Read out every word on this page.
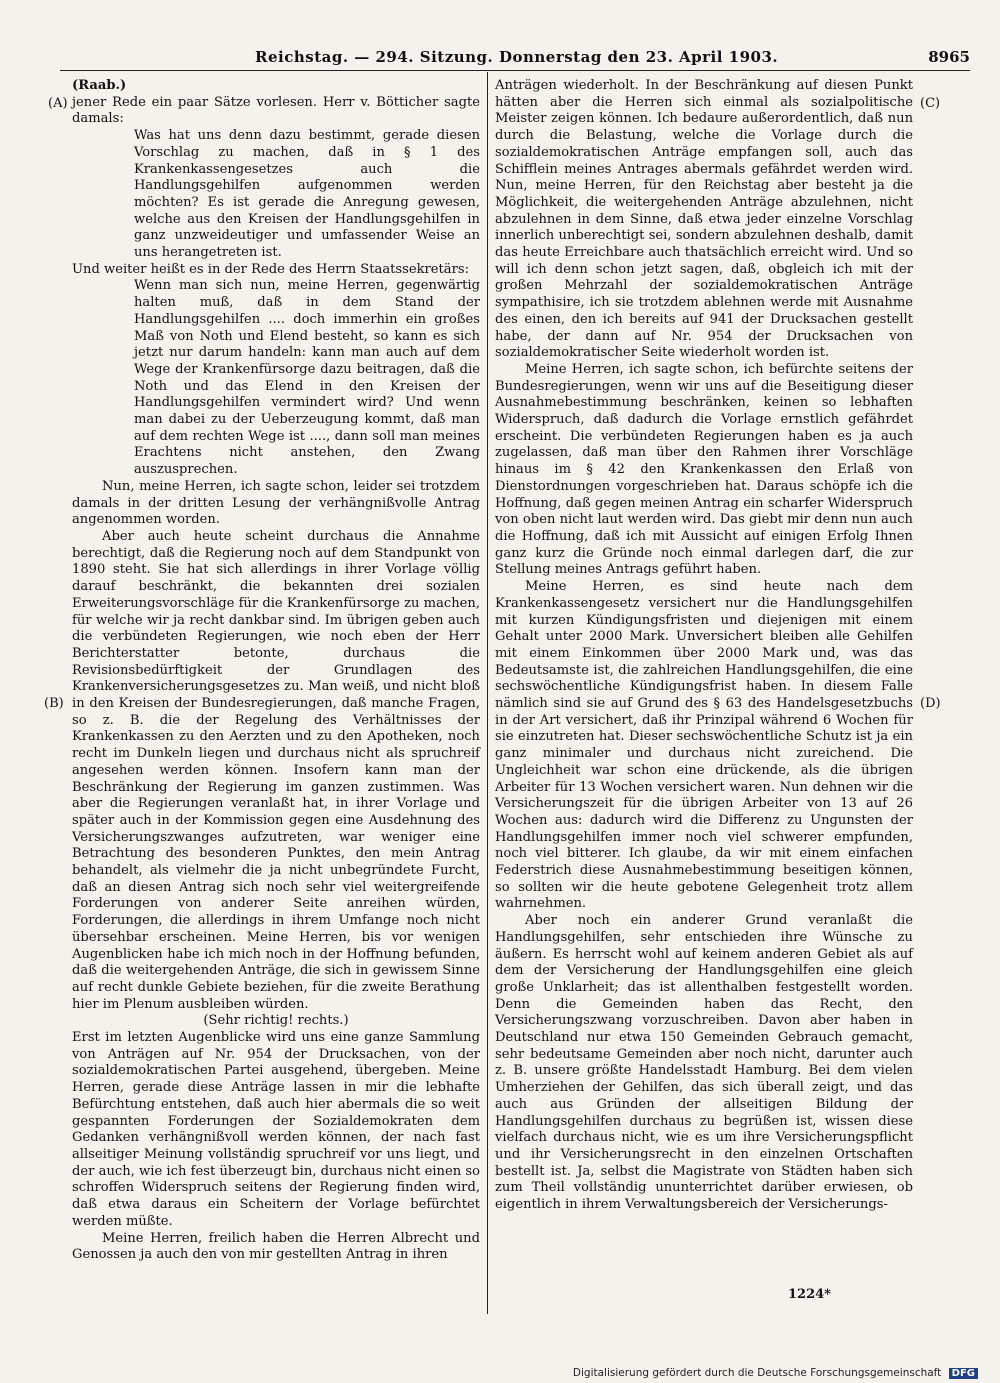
Reichstag. — 294. Sitzung. Donnerstag den 23. April 1903.	8965
(A)
(B)
(C)
(D)

(Raab.)

jener Rede ein paar Sätze vorlesen. Herr v. Bötticher sagte damals:

Was hat uns denn dazu bestimmt, gerade diesen Vorschlag zu machen, daß in § 1 des Krankenkassengesetzes auch die Handlungsgehilfen aufgenommen werden möchten? Es ist gerade die Anregung gewesen, welche aus den Kreisen der Handlungsgehilfen in ganz unzweideutiger und umfassender Weise an uns herangetreten ist.

Und weiter heißt es in der Rede des Herrn Staatssekretärs:

Wenn man sich nun, meine Herren, gegenwärtig halten muß, daß in dem Stand der Handlungsgehilfen .... doch immerhin ein großes Maß von Noth und Elend besteht, so kann es sich jetzt nur darum handeln: kann man auch auf dem Wege der Krankenfürsorge dazu beitragen, daß die Noth und das Elend in den Kreisen der Handlungsgehilfen vermindert wird? Und wenn man dabei zu der Ueberzeugung kommt, daß man auf dem rechten Wege ist ...., dann soll man meines Erachtens nicht anstehen, den Zwang auszusprechen.

Nun, meine Herren, ich sagte schon, leider sei trotzdem damals in der dritten Lesung der verhängnißvolle Antrag angenommen worden.

Aber auch heute scheint durchaus die Annahme berechtigt, daß die Regierung noch auf dem Standpunkt von 1890 steht. Sie hat sich allerdings in ihrer Vorlage völlig darauf beschränkt, die bekannten drei sozialen Erweiterungsvorschläge für die Krankenfürsorge zu machen, für welche wir ja recht dankbar sind. Im übrigen geben auch die verbündeten Regierungen, wie noch eben der Herr Berichterstatter betonte, durchaus die Revisionsbedürftigkeit der Grundlagen des Krankenversicherungsgesetzes zu. Man weiß, und nicht bloß in den Kreisen der Bundesregierungen, daß manche Fragen, so z. B. die der Regelung des Verhältnisses der Krankenkassen zu den Aerzten und zu den Apotheken, noch recht im Dunkeln liegen und durchaus nicht als spruchreif angesehen werden können. Insofern kann man der Beschränkung der Regierung im ganzen zustimmen. Was aber die Regierungen veranlaßt hat, in ihrer Vorlage und später auch in der Kommission gegen eine Ausdehnung des Versicherungszwanges aufzutreten, war weniger eine Betrachtung des besonderen Punktes, den mein Antrag behandelt, als vielmehr die ja nicht unbegründete Furcht, daß an diesen Antrag sich noch sehr viel weitergreifende Forderungen von anderer Seite anreihen würden, Forderungen, die allerdings in ihrem Umfange noch nicht übersehbar erscheinen. Meine Herren, bis vor wenigen Augenblicken habe ich mich noch in der Hoffnung befunden, daß die weitergehenden Anträge, die sich in gewissem Sinne auf recht dunkle Gebiete beziehen, für die zweite Berathung hier im Plenum ausbleiben würden.

(Sehr richtig! rechts.)

Erst im letzten Augenblicke wird uns eine ganze Sammlung von Anträgen auf Nr. 954 der Drucksachen, von der sozialdemokratischen Partei ausgehend, übergeben. Meine Herren, gerade diese Anträge lassen in mir die lebhafte Befürchtung entstehen, daß auch hier abermals die so weit gespannten Forderungen der Sozialdemokraten dem Gedanken verhängnißvoll werden können, der nach fast allseitiger Meinung vollständig spruchreif vor uns liegt, und der auch, wie ich fest überzeugt bin, durchaus nicht einen so schroffen Widerspruch seitens der Regierung finden wird, daß etwa daraus ein Scheitern der Vorlage befürchtet werden müßte.

Meine Herren, freilich haben die Herren Albrecht und Genossen ja auch den von mir gestellten Antrag in ihren

Anträgen wiederholt. In der Beschränkung auf diesen Punkt hätten aber die Herren sich einmal als sozialpolitische Meister zeigen können. Ich bedaure außerordentlich, daß nun durch die Belastung, welche die Vorlage durch die sozialdemokratischen Anträge empfangen soll, auch das Schifflein meines Antrages abermals gefährdet werden wird. Nun, meine Herren, für den Reichstag aber besteht ja die Möglichkeit, die weitergehenden Anträge abzulehnen, nicht abzulehnen in dem Sinne, daß etwa jeder einzelne Vorschlag innerlich unberechtigt sei, sondern abzulehnen deshalb, damit das heute Erreichbare auch thatsächlich erreicht wird. Und so will ich denn schon jetzt sagen, daß, obgleich ich mit der großen Mehrzahl der sozialdemokratischen Anträge sympathisire, ich sie trotzdem ablehnen werde mit Ausnahme des einen, den ich bereits auf 941 der Drucksachen gestellt habe, der dann auf Nr. 954 der Drucksachen von sozialdemokratischer Seite wiederholt worden ist.

Meine Herren, ich sagte schon, ich befürchte seitens der Bundesregierungen, wenn wir uns auf die Beseitigung dieser Ausnahmebestimmung beschränken, keinen so lebhaften Widerspruch, daß dadurch die Vorlage ernstlich gefährdet erscheint. Die verbündeten Regierungen haben es ja auch zugelassen, daß man über den Rahmen ihrer Vorschläge hinaus im § 42 den Krankenkassen den Erlaß von Dienstordnungen vorgeschrieben hat. Daraus schöpfe ich die Hoffnung, daß gegen meinen Antrag ein scharfer Widerspruch von oben nicht laut werden wird. Das giebt mir denn nun auch die Hoffnung, daß ich mit Aussicht auf einigen Erfolg Ihnen ganz kurz die Gründe noch einmal darlegen darf, die zur Stellung meines Antrags geführt haben.

Meine Herren, es sind heute nach dem Krankenkassengesetz versichert nur die Handlungsgehilfen mit kurzen Kündigungsfristen und diejenigen mit einem Gehalt unter 2000 Mark. Unversichert bleiben alle Gehilfen mit einem Einkommen über 2000 Mark und, was das Bedeutsamste ist, die zahlreichen Handlungsgehilfen, die eine sechswöchentliche Kündigungsfrist haben. In diesem Falle nämlich sind sie auf Grund des § 63 des Handelsgesetzbuchs in der Art versichert, daß ihr Prinzipal während 6 Wochen für sie einzutreten hat. Dieser sechswöchentliche Schutz ist ja ein ganz minimaler und durchaus nicht zureichend. Die Ungleichheit war schon eine drückende, als die übrigen Arbeiter für 13 Wochen versichert waren. Nun dehnen wir die Versicherungszeit für die übrigen Arbeiter von 13 auf 26 Wochen aus: dadurch wird die Differenz zu Ungunsten der Handlungsgehilfen immer noch viel schwerer empfunden, noch viel bitterer. Ich glaube, da wir mit einem einfachen Federstrich diese Ausnahmebestimmung beseitigen können, so sollten wir die heute gebotene Gelegenheit trotz allem wahrnehmen.

Aber noch ein anderer Grund veranlaßt die Handlungsgehilfen, sehr entschieden ihre Wünsche zu äußern. Es herrscht wohl auf keinem anderen Gebiet als auf dem der Versicherung der Handlungsgehilfen eine gleich große Unklarheit; das ist allenthalben festgestellt worden. Denn die Gemeinden haben das Recht, den Versicherungszwang vorzuschreiben. Davon aber haben in Deutschland nur etwa 150 Gemeinden Gebrauch gemacht, sehr bedeutsame Gemeinden aber noch nicht, darunter auch z. B. unsere größte Handelsstadt Hamburg. Bei dem vielen Umherziehen der Gehilfen, das sich überall zeigt, und das auch aus Gründen der allseitigen Bildung der Handlungsgehilfen durchaus zu begrüßen ist, wissen diese vielfach durchaus nicht, wie es um ihre Versicherungspflicht und ihr Versicherungsrecht in den einzelnen Ortschaften bestellt ist. Ja, selbst die Magistrate von Städten haben sich zum Theil vollständig ununterrichtet darüber erwiesen, ob eigentlich in ihrem Verwaltungsbereich der Versicherungs-

1224*
Digitalisierung gefördert durch die Deutsche Forschungsgemeinschaft DFG
